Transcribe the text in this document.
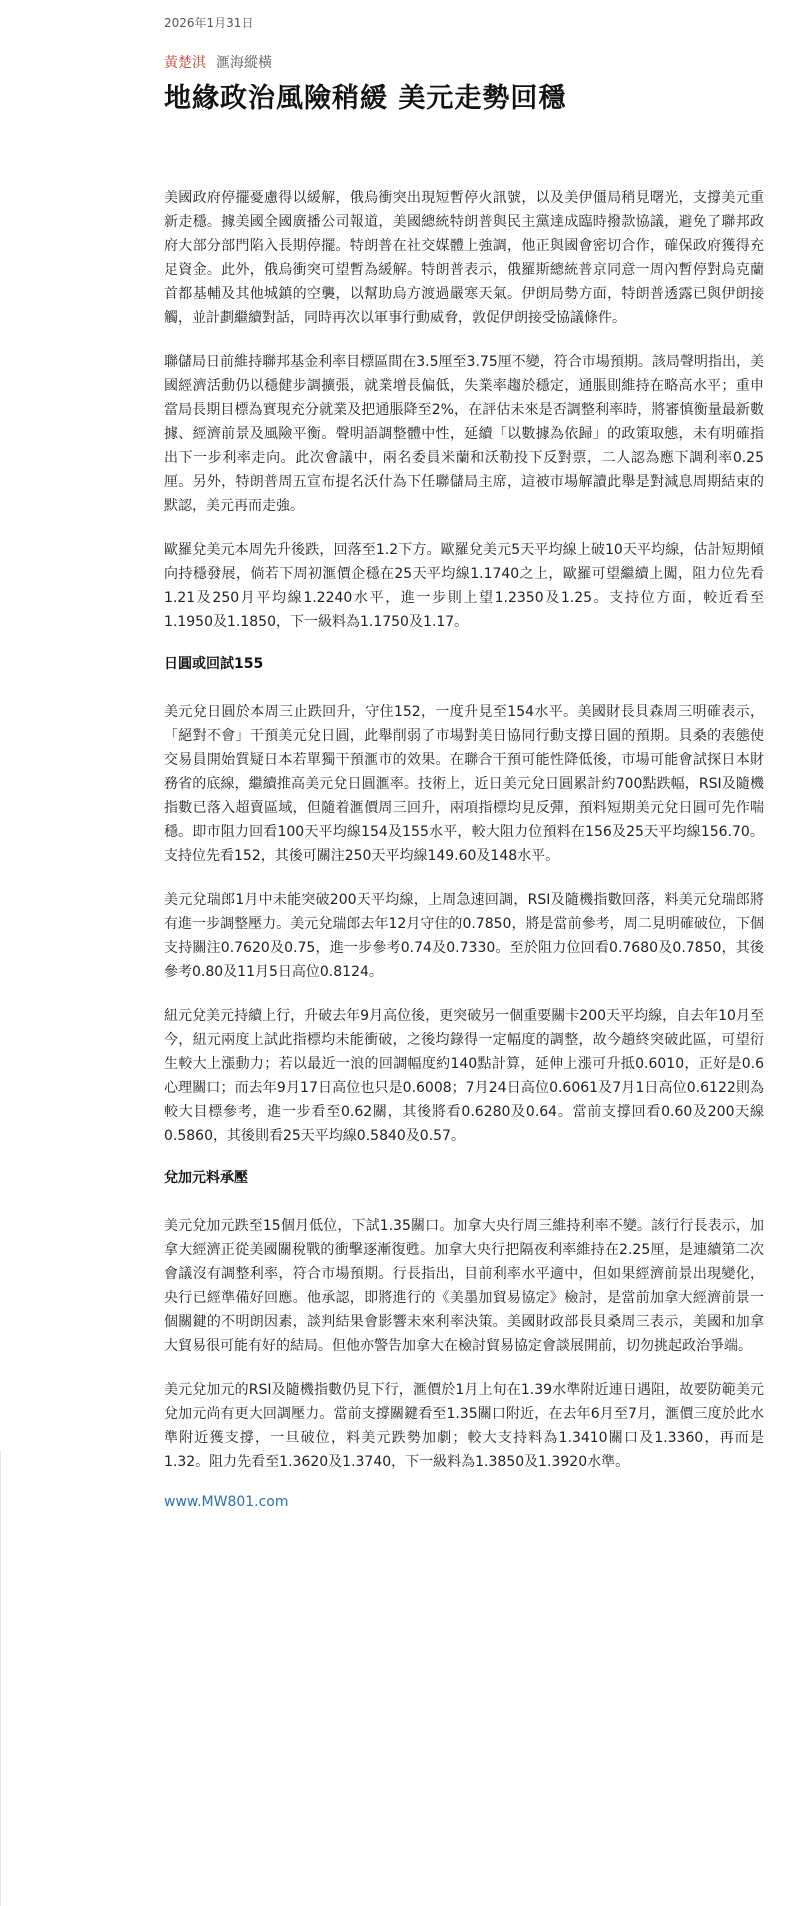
2026年1月31日
黃楚淇 滙海縱橫
地緣政治風險稍緩 美元走勢回穩

美國政府停擺憂慮得以緩解，俄烏衝突出現短暫停火訊號，以及美伊僵局稍見曙光，支撐美元重新走穩。據美國全國廣播公司報道，美國總統特朗普與民主黨達成臨時撥款協議，避免了聯邦政府大部分部門陷入長期停擺。特朗普在社交媒體上強調，他正與國會密切合作，確保政府獲得充足資金。此外，俄烏衝突可望暫為緩解。特朗普表示，俄羅斯總統普京同意一周內暫停對烏克蘭首都基輔及其他城鎮的空襲，以幫助烏方渡過嚴寒天氣。伊朗局勢方面，特朗普透露已與伊朗接觸，並計劃繼續對話，同時再次以軍事行動威脅，敦促伊朗接受協議條件。

聯儲局日前維持聯邦基金利率目標區間在3.5厘至3.75厘不變，符合市場預期。該局聲明指出，美國經濟活動仍以穩健步調擴張，就業增長偏低，失業率趨於穩定，通脹則維持在略高水平；重申當局長期目標為實現充分就業及把通脹降至2%，在評估未來是否調整利率時，將審慎衡量最新數據、經濟前景及風險平衡。聲明語調整體中性，延續「以數據為依歸」的政策取態，未有明確指出下一步利率走向。此次會議中，兩名委員米蘭和沃勒投下反對票，二人認為應下調利率0.25厘。另外，特朗普周五宣布提名沃什為下任聯儲局主席，這被市場解讀此舉是對減息周期結束的默認，美元再而走強。

歐羅兌美元本周先升後跌，回落至1.2下方。歐羅兌美元5天平均線上破10天平均線，估計短期傾向持穩發展，倘若下周初滙價企穩在25天平均線1.1740之上，歐羅可望繼續上闖，阻力位先看1.21及250月平均線1.2240水平，進一步則上望1.2350及1.25。支持位方面，較近看至1.1950及1.1850，下一級料為1.1750及1.17。

日圓或回試155

美元兌日圓於本周三止跌回升，守住152，一度升見至154水平。美國財長貝森周三明確表示，「絕對不會」干預美元兌日圓，此舉削弱了市場對美日協同行動支撐日圓的預期。貝桑的表態使交易員開始質疑日本若單獨干預滙市的效果。在聯合干預可能性降低後，市場可能會試探日本財務省的底線，繼續推高美元兌日圓滙率。技術上，近日美元兌日圓累計約700點跌幅，RSI及隨機指數已落入超賣區域，但隨着滙價周三回升，兩項指標均見反彈，預料短期美元兌日圓可先作喘穩。即市阻力回看100天平均線154及155水平，較大阻力位預料在156及25天平均線156.70。支持位先看152，其後可關注250天平均線149.60及148水平。

美元兌瑞郎1月中未能突破200天平均線，上周急速回調，RSI及隨機指數回落，料美元兌瑞郎將有進一步調整壓力。美元兌瑞郎去年12月守住的0.7850，將是當前參考，周二見明確破位，下個支持關注0.7620及0.75，進一步參考0.74及0.7330。至於阻力位回看0.7680及0.7850，其後參考0.80及11月5日高位0.8124。

紐元兌美元持續上行，升破去年9月高位後，更突破另一個重要關卡200天平均線，自去年10月至今，紐元兩度上試此指標均未能衝破，之後均錄得一定幅度的調整，故今趟終突破此區，可望衍生較大上漲動力；若以最近一浪的回調幅度約140點計算，延伸上漲可升抵0.6010，正好是0.6心理關口；而去年9月17日高位也只是0.6008；7月24日高位0.6061及7月1日高位0.6122則為較大目標參考，進一步看至0.62關，其後將看0.6280及0.64。當前支撐回看0.60及200天線0.5860，其後則看25天平均線0.5840及0.57。

兌加元料承壓

美元兌加元跌至15個月低位，下試1.35關口。加拿大央行周三維持利率不變。該行行長表示，加拿大經濟正從美國關稅戰的衝擊逐漸復甦。加拿大央行把隔夜利率維持在2.25厘，是連續第二次會議沒有調整利率，符合市場預期。行長指出，目前利率水平適中，但如果經濟前景出現變化，央行已經準備好回應。他承認，即將進行的《美墨加貿易協定》檢討，是當前加拿大經濟前景一個關鍵的不明朗因素，談判結果會影響未來利率決策。美國財政部長貝桑周三表示，美國和加拿大貿易很可能有好的結局。但他亦警告加拿大在檢討貿易協定會談展開前，切勿挑起政治爭端。

美元兌加元的RSI及隨機指數仍見下行，滙價於1月上旬在1.39水準附近連日遇阻，故要防範美元兌加元尚有更大回調壓力。當前支撐關鍵看至1.35關口附近，在去年6月至7月，滙價三度於此水準附近獲支撐，一旦破位，料美元跌勢加劇；較大支持料為1.3410關口及1.3360，再而是1.32。阻力先看至1.3620及1.3740，下一級料為1.3850及1.3920水準。

www.MW801.com
